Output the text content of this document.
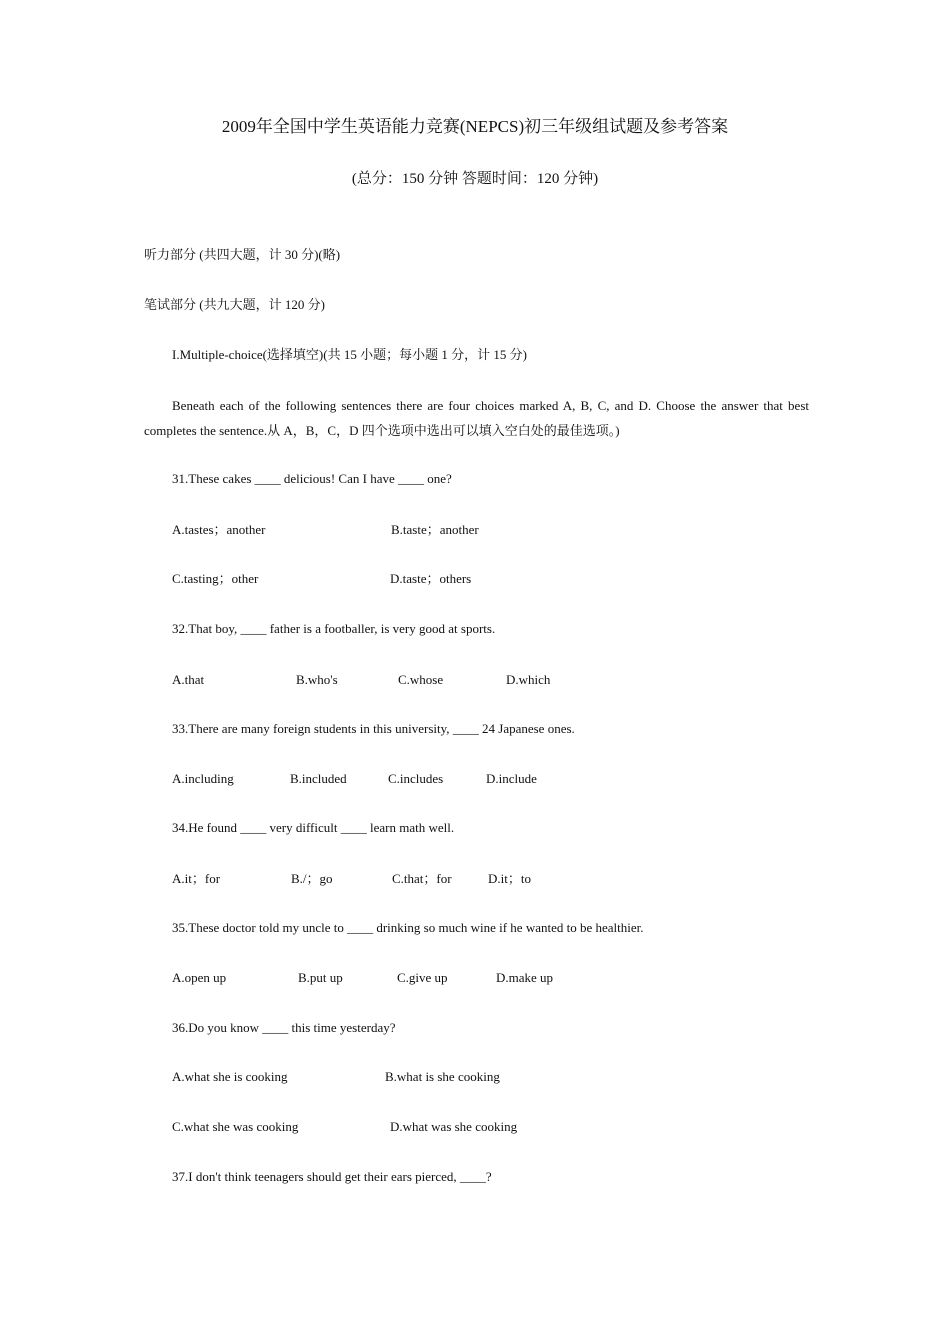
2009年全国中学生英语能力竞赛(NEPCS)初三年级组试题及参考答案
(总分：150 分钟 答题时间：120 分钟)
听力部分 (共四大题，计 30 分)(略)
笔试部分 (共九大题，计 120 分)
I.Multiple-choice(选择填空)(共 15 小题；每小题 1 分，计 15 分)
Beneath each of the following sentences there are four choices marked A, B, C, and D. Choose the answer that best completes the sentence.从 A，B，C，D 四个选项中选出可以填入空白处的最佳选项。)
31.These cakes ____ delicious! Can I have ____ one?
A.tastes；another	B.taste；another
C.tasting；other	D.taste；others
32.That boy, ____ father is a footballer, is very good at sports.
A.that	B.who's	C.whose	D.which
33.There are many foreign students in this university, ____ 24 Japanese ones.
A.including	B.included	C.includes	D.include
34.He found ____ very difficult ____ learn math well.
A.it；for	B./；go	C.that；for	D.it；to
35.These doctor told my uncle to ____ drinking so much wine if he wanted to be healthier.
A.open up	B.put up	C.give up	D.make up
36.Do you know ____ this time yesterday?
A.what she is cooking	B.what is she cooking
C.what she was cooking	D.what was she cooking
37.I don't think teenagers should get their ears pierced, ____?
